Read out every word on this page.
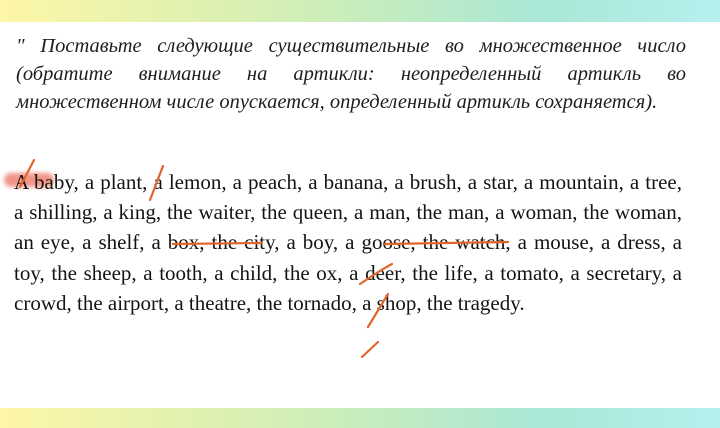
" Поставьте следующие существительные во множественное число (обратите внимание на артикли: неопределенный артикль во множественном числе опускается, определенный артикль сохраняется).

A baby, a plant, a lemon, a peach, a banana, a brush, a star, a mountain, a tree, a shilling, a king, the waiter, the queen, a man, the man, a woman, the woman, an eye, a shelf, a box, the city, a boy, a goose, the watch, a mouse, a dress, a toy, the sheep, a tooth, a child, the ox, a deer, the life, a tomato, a secretary, a crowd, the airport, a theatre, the tornado, a shop, the tragedy.
